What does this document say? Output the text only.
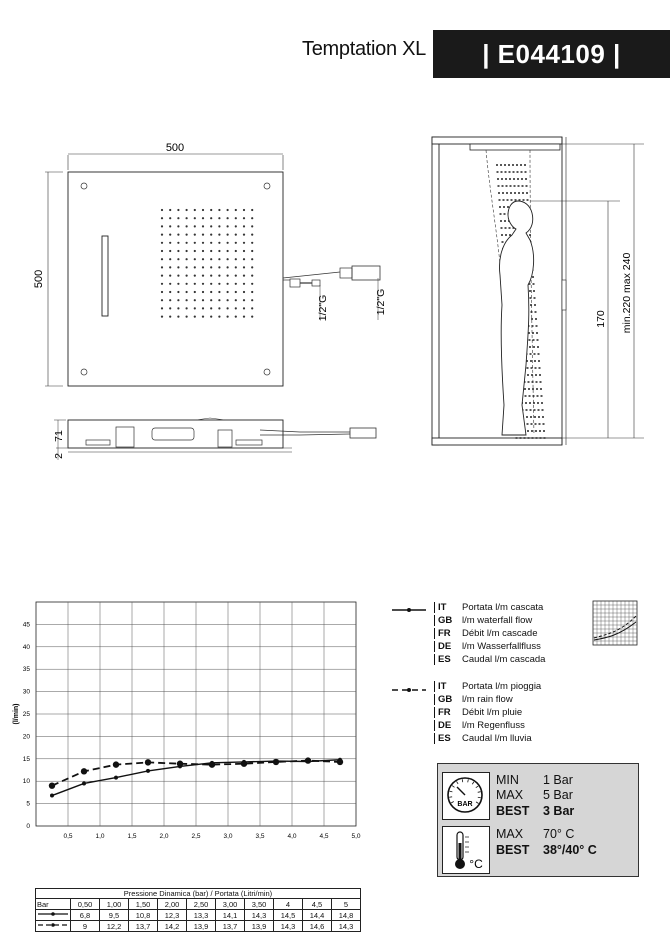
Temptation XL	| E044109 |
500
500
1/2"G	1/2"G
71
2
170 min.220 max 240
0
5
10
15
20
25
30
35
40
45
0,5	1,0	1,5	2,0	2,5	3,0	3,5	4,0	4,5	5,0
(l/min)
IT	Portata l/m cascata
GB	l/m waterfall flow
FR	Débit l/m cascade
DE	l/m Wasserfallfluss
ES	Caudal l/m cascada
IT	Portata l/m pioggia
GB	l/m rain flow
FR	Débit l/m pluie
DE	l/m Regenfluss
ES	Caudal l/m lluvia
BAR
MIN 1 Bar
MAX 5 Bar
BEST 3 Bar
°C
MAX 70° C
BEST 38°/40° C
Pressione Dinamica (bar) / Portata (Litri/min)										
Bar	0,50	1,00	1,50	2,00	2,50	3,00	3,50	4	4,5	5
	6,8	9,5	10,8	12,3	13,3	14,1	14,3	14,5	14,4	14,8
	9	12,2	13,7	14,2	13,9	13,7	13,9	14,3	14,6	14,3
